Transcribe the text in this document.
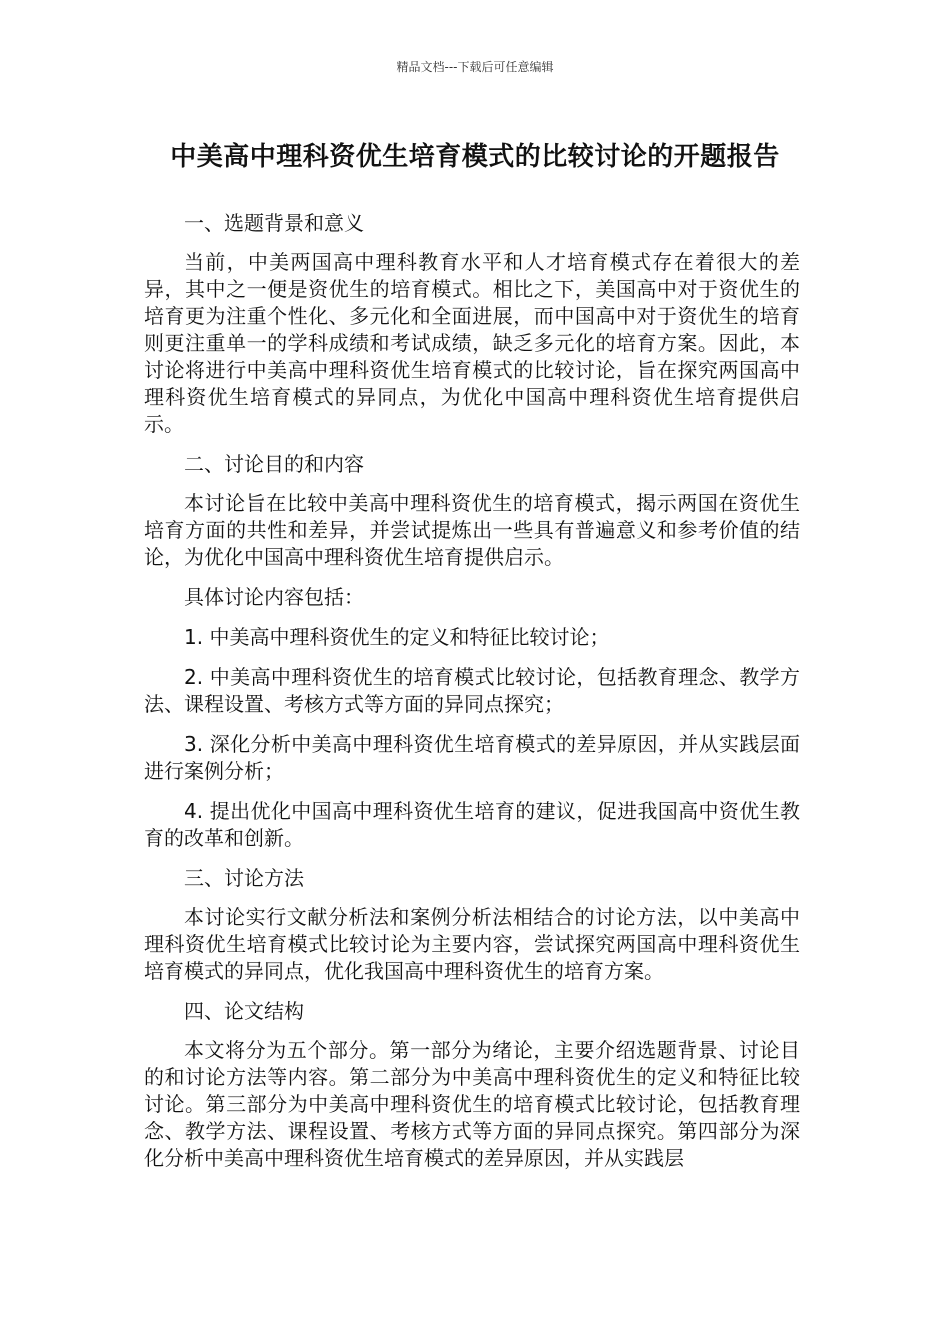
精品文档---下载后可任意编辑
中美高中理科资优生培育模式的比较讨论的开题报告

一、选题背景和意义

当前，中美两国高中理科教育水平和人才培育模式存在着很大的差异，其中之一便是资优生的培育模式。相比之下，美国高中对于资优生的培育更为注重个性化、多元化和全面进展，而中国高中对于资优生的培育则更注重单一的学科成绩和考试成绩，缺乏多元化的培育方案。因此，本讨论将进行中美高中理科资优生培育模式的比较讨论，旨在探究两国高中理科资优生培育模式的异同点，为优化中国高中理科资优生培育提供启示。

二、讨论目的和内容

本讨论旨在比较中美高中理科资优生的培育模式，揭示两国在资优生培育方面的共性和差异，并尝试提炼出一些具有普遍意义和参考价值的结论，为优化中国高中理科资优生培育提供启示。

具体讨论内容包括：

1. 中美高中理科资优生的定义和特征比较讨论；

2. 中美高中理科资优生的培育模式比较讨论，包括教育理念、教学方法、课程设置、考核方式等方面的异同点探究；

3. 深化分析中美高中理科资优生培育模式的差异原因，并从实践层面进行案例分析；

4. 提出优化中国高中理科资优生培育的建议，促进我国高中资优生教育的改革和创新。

三、讨论方法

本讨论实行文献分析法和案例分析法相结合的讨论方法，以中美高中理科资优生培育模式比较讨论为主要内容，尝试探究两国高中理科资优生培育模式的异同点，优化我国高中理科资优生的培育方案。

四、论文结构

本文将分为五个部分。第一部分为绪论，主要介绍选题背景、讨论目的和讨论方法等内容。第二部分为中美高中理科资优生的定义和特征比较讨论。第三部分为中美高中理科资优生的培育模式比较讨论，包括教育理念、教学方法、课程设置、考核方式等方面的异同点探究。第四部分为深化分析中美高中理科资优生培育模式的差异原因，并从实践层
